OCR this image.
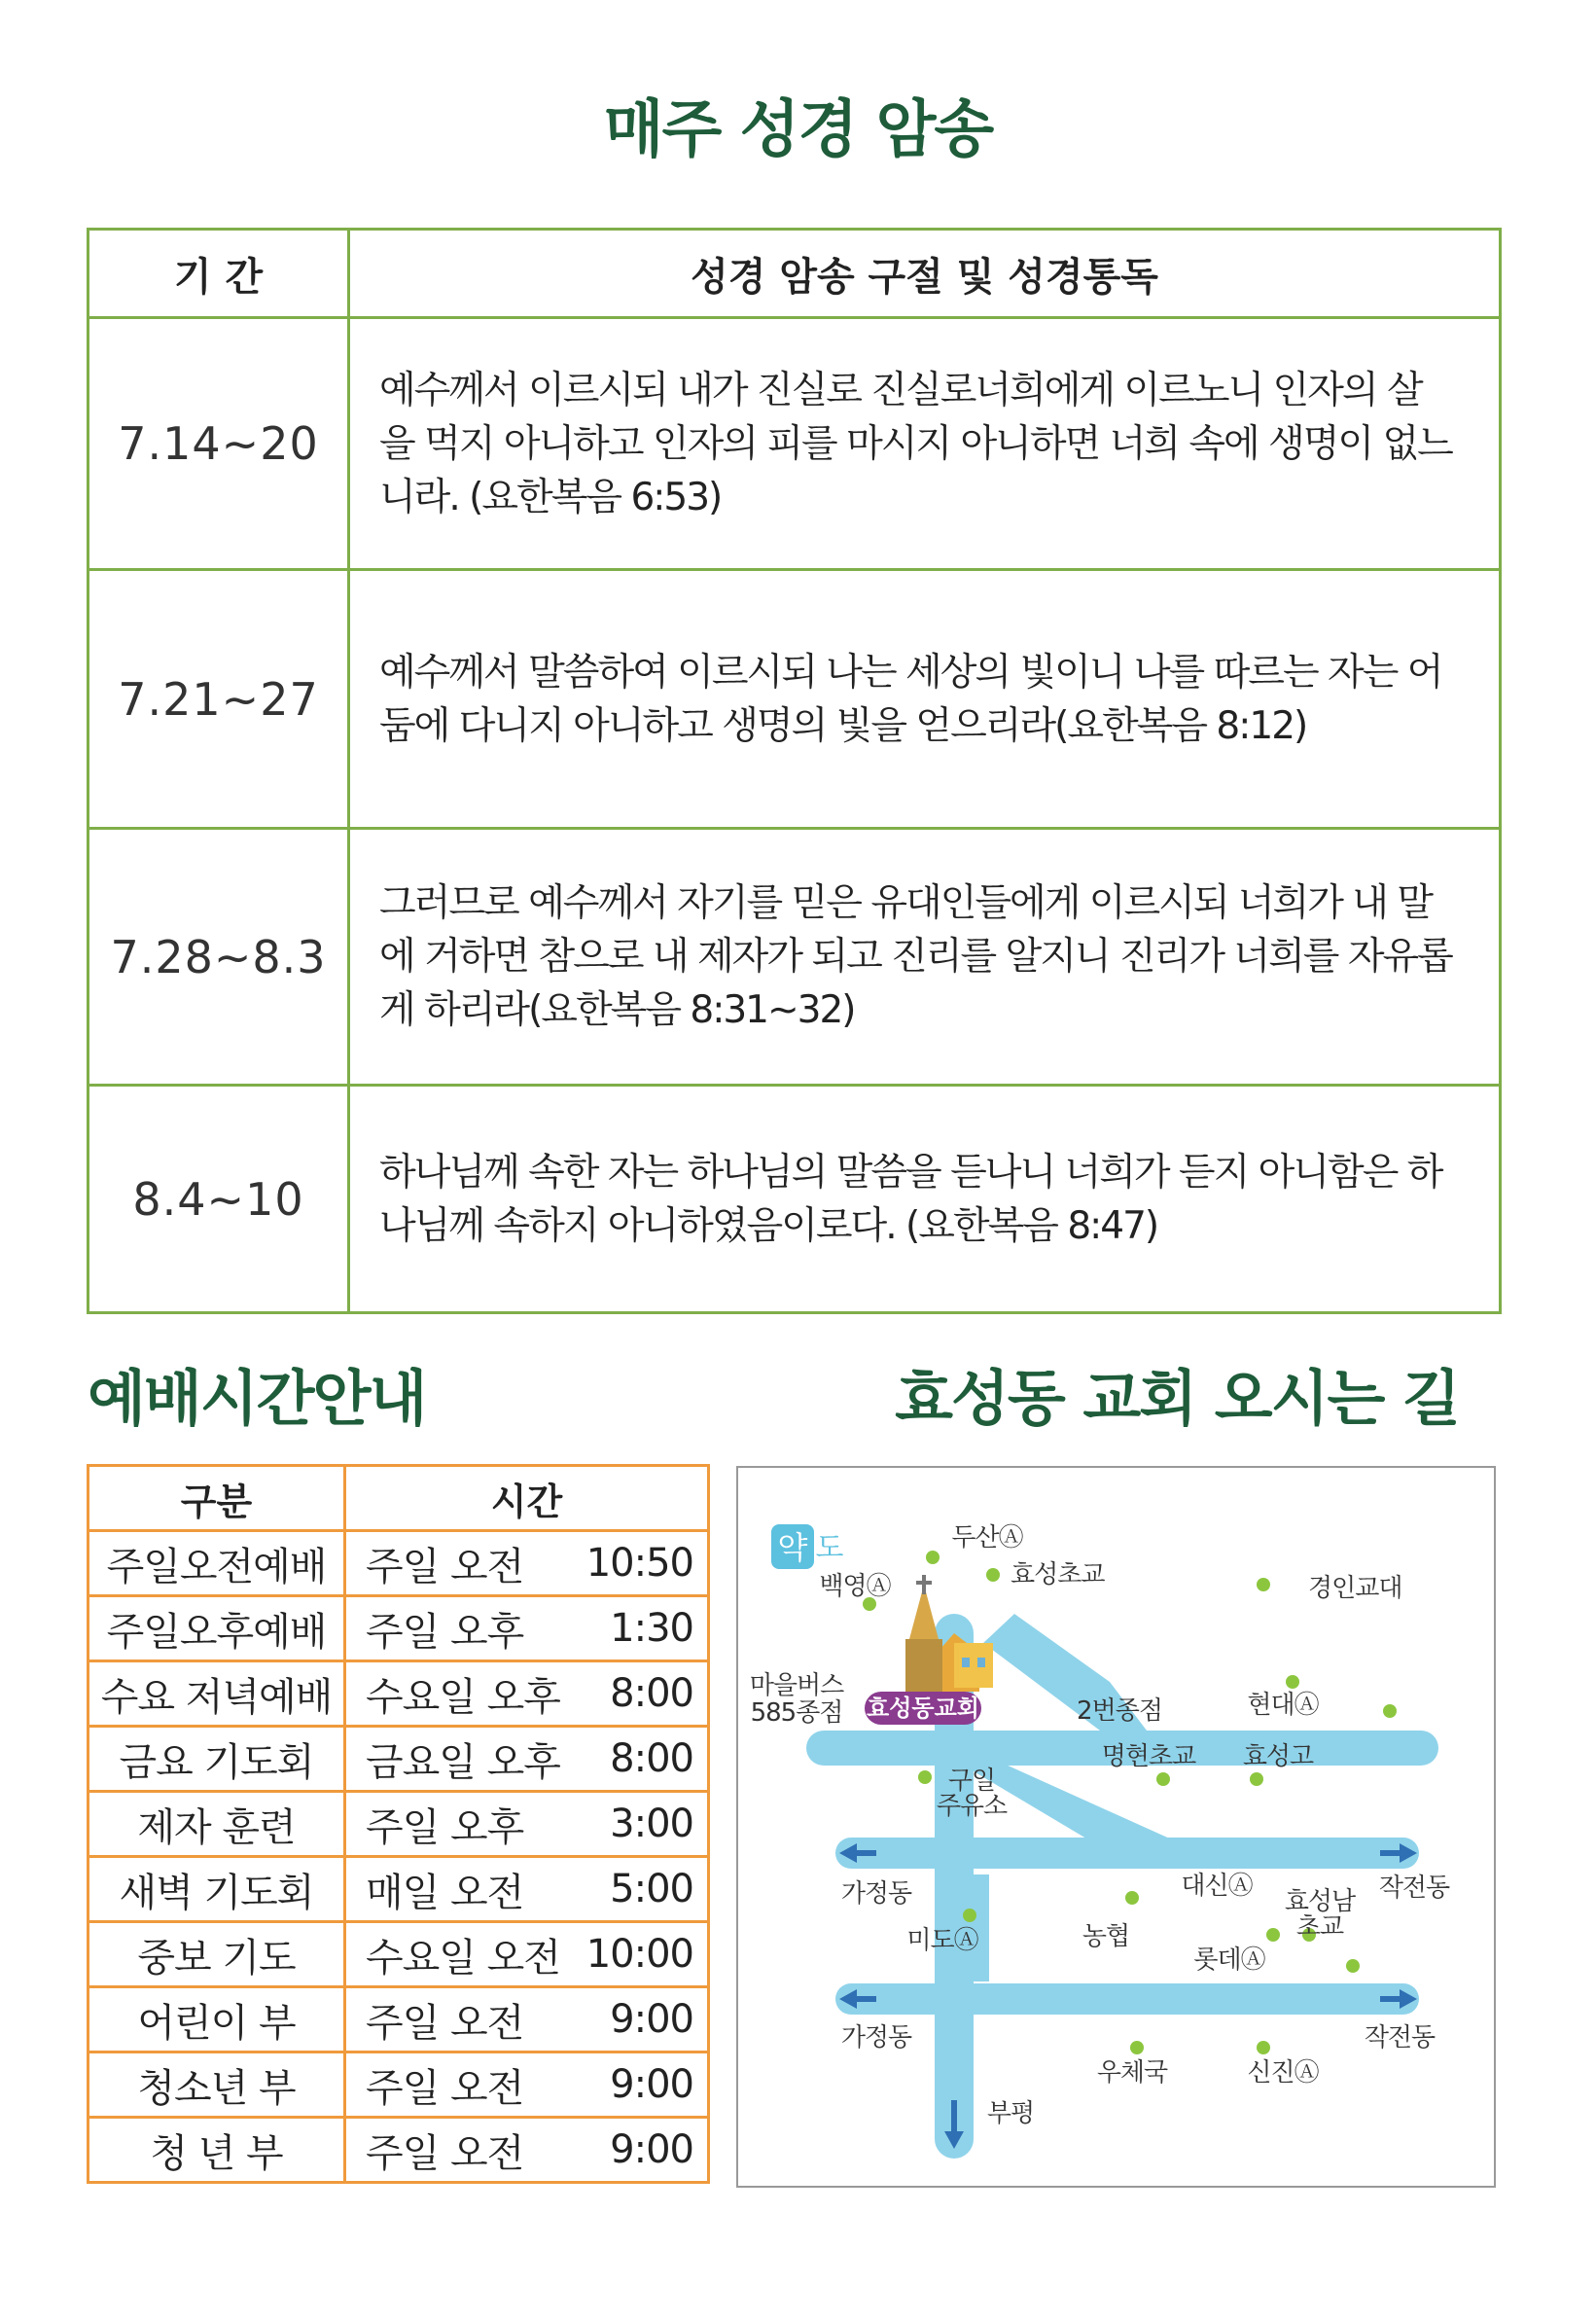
매주 성경 암송
기 간	성경 암송 구절 및 성경통독
7.14~20	예수께서 이르시되 내가 진실로 진실로너희에게 이르노니 인자의 살
을 먹지 아니하고 인자의 피를 마시지 아니하면 너희 속에 생명이 없느
니라. (요한복음 6:53)

7.21~27	예수께서 말씀하여 이르시되 나는 세상의 빛이니 나를 따르는 자는 어
둠에 다니지 아니하고 생명의 빛을 얻으리라(요한복음 8:12)

7.28~8.3	그러므로 예수께서 자기를 믿은 유대인들에게 이르시되 너희가 내 말
에 거하면 참으로 내 제자가 되고 진리를 알지니 진리가 너희를 자유롭
게 하리라(요한복음 8:31~32)

8.4~10	하나님께 속한 자는 하나님의 말씀을 듣나니 너희가 듣지 아니함은 하
나님께 속하지 아니하였음이로다. (요한복음 8:47)
예배시간안내	효성동 교회 오시는 길
구분	시간	
주일오전예배	주일 오전	10:50
주일오후예배	주일 오후	1:30
수요 저녁예배	수요일 오후	8:00
금요 기도회	금요일 오후	8:00
제자 훈련	주일 오후	3:00
새벽 기도회	매일 오전	5:00
중보 기도	수요일 오전	10:00
어린이 부	주일 오전	9:00
청소년 부	주일 오전	9:00
청 년 부	주일 오전	9:00
효성동교회
약 도	두산Ⓐ
백영Ⓐ	효성초교	경인교대
마을버스
585종점	2번종점	현대Ⓐ
구일
주유소
명현초교 효성고
가정동	대신Ⓐ
효성남
초교
작전동
미도Ⓐ	농협
롯데Ⓐ
가정동	작전동
우체국	신진Ⓐ
부평
